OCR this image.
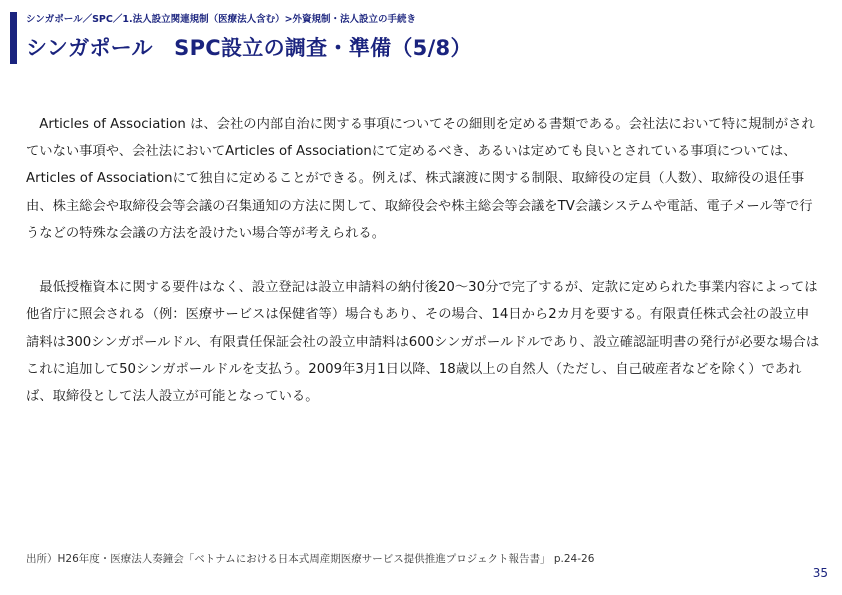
シンガポール／SPC／1.法人設立関連規制（医療法人含む）>外資規制・法人設立の手続き
シンガポール　SPC設立の調査・準備（5/8）

Articles of Association は、会社の内部自治に関する事項についてその細則を定める書類である。会社法において特に規制がされていない事項や、会社法においてArticles of Associationにて定めるべき、あるいは定めても良いとされている事項については、Articles of Associationにて独自に定めることができる。例えば、株式譲渡に関する制限、取締役の定員（人数）、取締役の退任事由、株主総会や取締役会等会議の召集通知の方法に関して、取締役会や株主総会等会議をTV会議システムや電話、電子メール等で行うなどの特殊な会議の方法を設けたい場合等が考えられる。

最低授権資本に関する要件はなく、設立登記は設立申請料の納付後20～30分で完了するが、定款に定められた事業内容によっては他省庁に照会される（例：医療サービスは保健省等）場合もあり、その場合、14日から2カ月を要する。有限責任株式会社の設立申請料は300シンガポールドル、有限責任保証会社の設立申請料は600シンガポールドルであり、設立確認証明書の発行が必要な場合はこれに追加して50シンガポールドルを支払う。2009年3月1日以降、18歳以上の自然人（ただし、自己破産者などを除く）であれば、取締役として法人設立が可能となっている。

出所）H26年度・医療法人奏鐘会「ベトナムにおける日本式周産期医療サービス提供推進プロジェクト報告書」 p.24-26
35
